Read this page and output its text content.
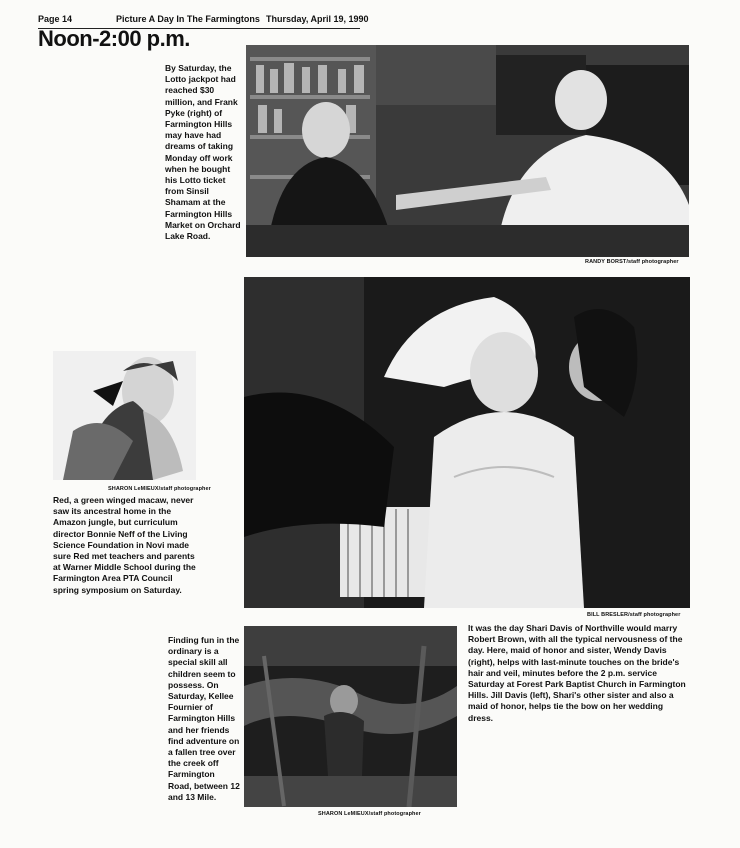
Page 14	Picture A Day In The Farmingtons Thursday, April 19, 1990
Noon-2:00 p.m.
By Saturday, the Lotto jackpot had reached $30 million, and Frank Pyke (right) of Farmington Hills may have had dreams of taking Monday off work when he bought his Lotto ticket from Sinsil Shamam at the Farmington Hills Market on Orchard Lake Road.
RANDY BORST/staff photographer
BILL BRESLER/staff photographer
It was the day Shari Davis of Northville would marry Robert Brown, with all the typical nervousness of the day. Here, maid of honor and sister, Wendy Davis (right), helps with last-minute touches on the bride's hair and veil, minutes before the 2 p.m. service Saturday at Forest Park Baptist Church in Farmington Hills. Jill Davis (left), Shari's other sister and also a maid of honor, helps tie the bow on her wedding dress.
SHARON LeMIEUX/staff photographer
Red, a green winged macaw, never saw its ancestral home in the Amazon jungle, but curriculum director Bonnie Neff of the Living Science Foundation in Novi made sure Red met teachers and parents at Warner Middle School during the Farmington Area PTA Council spring symposium on Saturday.
Finding fun in the ordinary is a special skill all children seem to possess. On Saturday, Kellee Fournier of Farmington Hills and her friends find adventure on a fallen tree over the creek off Farmington Road, between 12 and 13 Mile.
SHARON LeMIEUX/staff photographer
